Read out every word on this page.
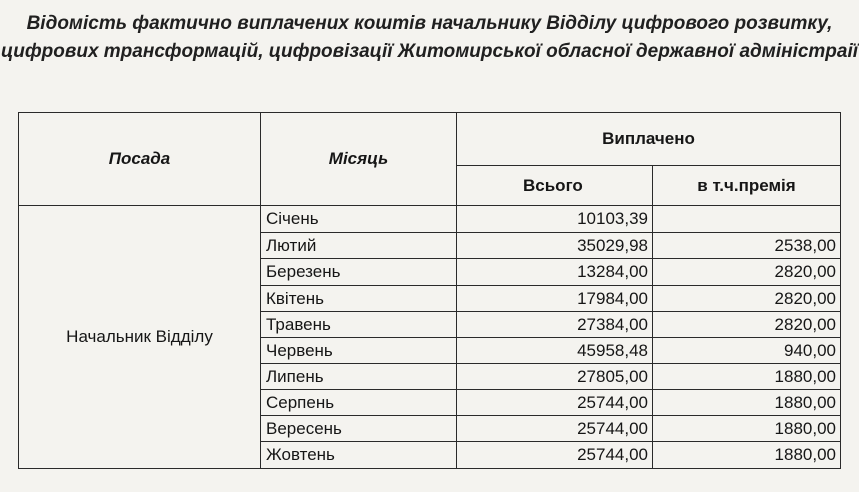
Відомість фактично виплачених коштів начальнику Відділу цифрового розвитку,
цифрових трансформацій, цифровізації Житомирської обласної державної адміністраії
Посада	Місяць	Виплачено	
		Всього	в т.ч.премія
Начальник Відділу	Січень	10103,39	
	Лютий	35029,98	2538,00
	Березень	13284,00	2820,00
	Квітень	17984,00	2820,00
	Травень	27384,00	2820,00
	Червень	45958,48	940,00
	Липень	27805,00	1880,00
	Серпень	25744,00	1880,00
	Вересень	25744,00	1880,00
	Жовтень	25744,00	1880,00
